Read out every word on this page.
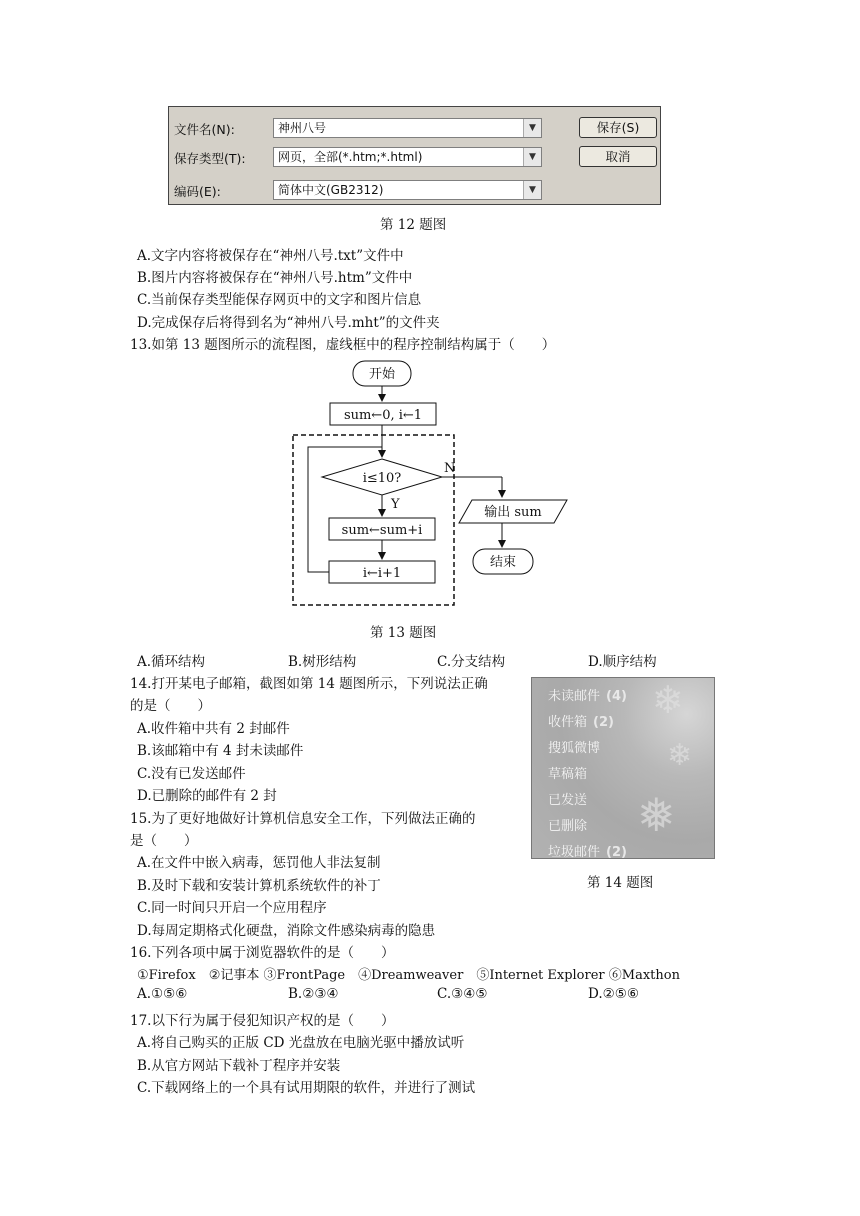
文件名(N):	神州八号	▼
保存类型(T):	网页，全部(*.htm;*.html)	▼
编码(E):	简体中文(GB2312)	▼
保存(S)
取消
第 12 题图
A.文字内容将被保存在“神州八号.txt”文件中
B.图片内容将被保存在“神州八号.htm”文件中
C.当前保存类型能保存网页中的文字和图片信息
D.完成保存后将得到名为“神州八号.mht”的文件夹
13.如第 13 题图所示的流程图，虚线框中的程序控制结构属于（　　）
开始
sum←0, i←1
i≤10?
N
Y
sum←sum+i
i←i+1
输出 sum
结束
第 13 题图
A.循环结构	B.树形结构	C.分支结构	D.顺序结构
14.打开某电子邮箱，截图如第 14 题图所示，下列说法正确
的是（　　）
A.收件箱中共有 2 封邮件
B.该邮箱中有 4 封未读邮件
C.没有已发送邮件
D.已删除的邮件有 2 封
❄
❄
❅
未读邮件 (4)
收件箱 (2)
搜狐微博
草稿箱
已发送
已删除
垃圾邮件 (2)
第 14 题图
15.为了更好地做好计算机信息安全工作，下列做法正确的
是（　　）
A.在文件中嵌入病毒，惩罚他人非法复制
B.及时下载和安装计算机系统软件的补丁
C.同一时间只开启一个应用程序
D.每周定期格式化硬盘，消除文件感染病毒的隐患
16.下列各项中属于浏览器软件的是（　　）
①Firefox　②记事本 ③FrontPage　④Dreamweaver　⑤Internet Explorer ⑥Maxthon
A.①⑤⑥	B.②③④	C.③④⑤	D.②⑤⑥
17.以下行为属于侵犯知识产权的是（　　）
A.将自己购买的正版 CD 光盘放在电脑光驱中播放试听
B.从官方网站下载补丁程序并安装
C.下载网络上的一个具有试用期限的软件，并进行了测试
